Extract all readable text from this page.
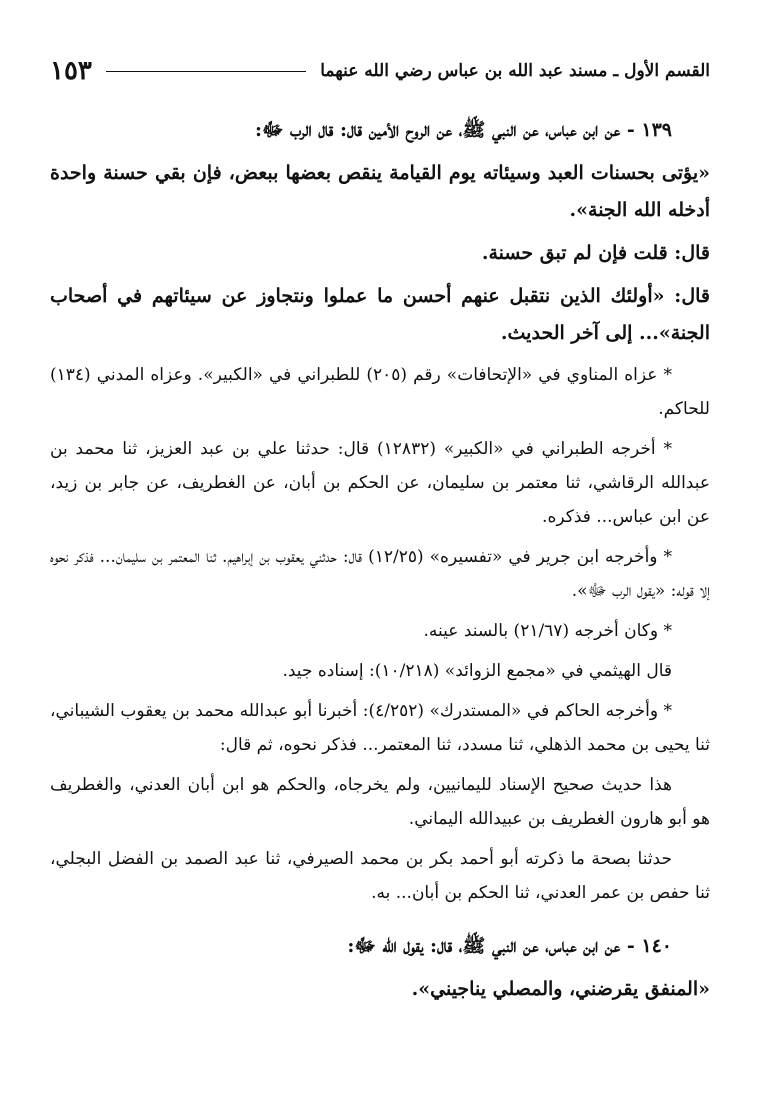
القسم الأول ـ مسند عبد الله بن عباس رضي الله عنهما
١٥٣

١٣٩ - عن ابن عباس، عن النبي ﷺ، عن الروح الأمين قال: قال الرب ﷻ:

«يؤتى بحسنات العبد وسيئاته يوم القيامة ينقص بعضها ببعض، فإن بقي حسنة واحدة أدخله الله الجنة».

قال: قلت فإن لم تبق حسنة.

قال: «أولئك الذين نتقبل عنهم أحسن ما عملوا ونتجاوز عن سيئاتهم في أصحاب الجنة»... إلى آخر الحديث.

* عزاه المناوي في «الإتحافات» رقم (٢٠٥) للطبراني في «الكبير». وعزاه المدني (١٣٤) للحاكم.

* أخرجه الطبراني في «الكبير» (١٢٨٣٢) قال: حدثنا علي بن عبد العزيز، ثنا محمد بن عبدالله الرقاشي، ثنا معتمر بن سليمان، عن الحكم بن أبان، عن الغطريف، عن جابر بن زيد، عن ابن عباس... فذكره.

* وأخرجه ابن جرير في «تفسيره» (١٢/٢٥) قال: حدثني يعقوب بن إبراهيم. ثنا المعتمر بن سليمان... فذكر نحوه إلا قوله: «يقول الرب ﷻ».

* وكان أخرجه (٢١/٦٧) بالسند عينه.

قال الهيثمي في «مجمع الزوائد» (١٠/٢١٨): إسناده جيد.

* وأخرجه الحاكم في «المستدرك» (٤/٢٥٢): أخبرنا أبو عبدالله محمد بن يعقوب الشيباني، ثنا يحيى بن محمد الذهلي، ثنا مسدد، ثنا المعتمر... فذكر نحوه، ثم قال:

هذا حديث صحيح الإسناد لليمانيين، ولم يخرجاه، والحكم هو ابن أبان العدني، والغطريف هو أبو هارون الغطريف بن عبيدالله اليماني.

حدثنا بصحة ما ذكرته أبو أحمد بكر بن محمد الصيرفي، ثنا عبد الصمد بن الفضل البجلي، ثنا حفص بن عمر العدني، ثنا الحكم بن أبان... به.

١٤٠ - عن ابن عباس، عن النبي ﷺ، قال: يقول الله ﷻ:

«المنفق يقرضني، والمصلي يناجيني».
